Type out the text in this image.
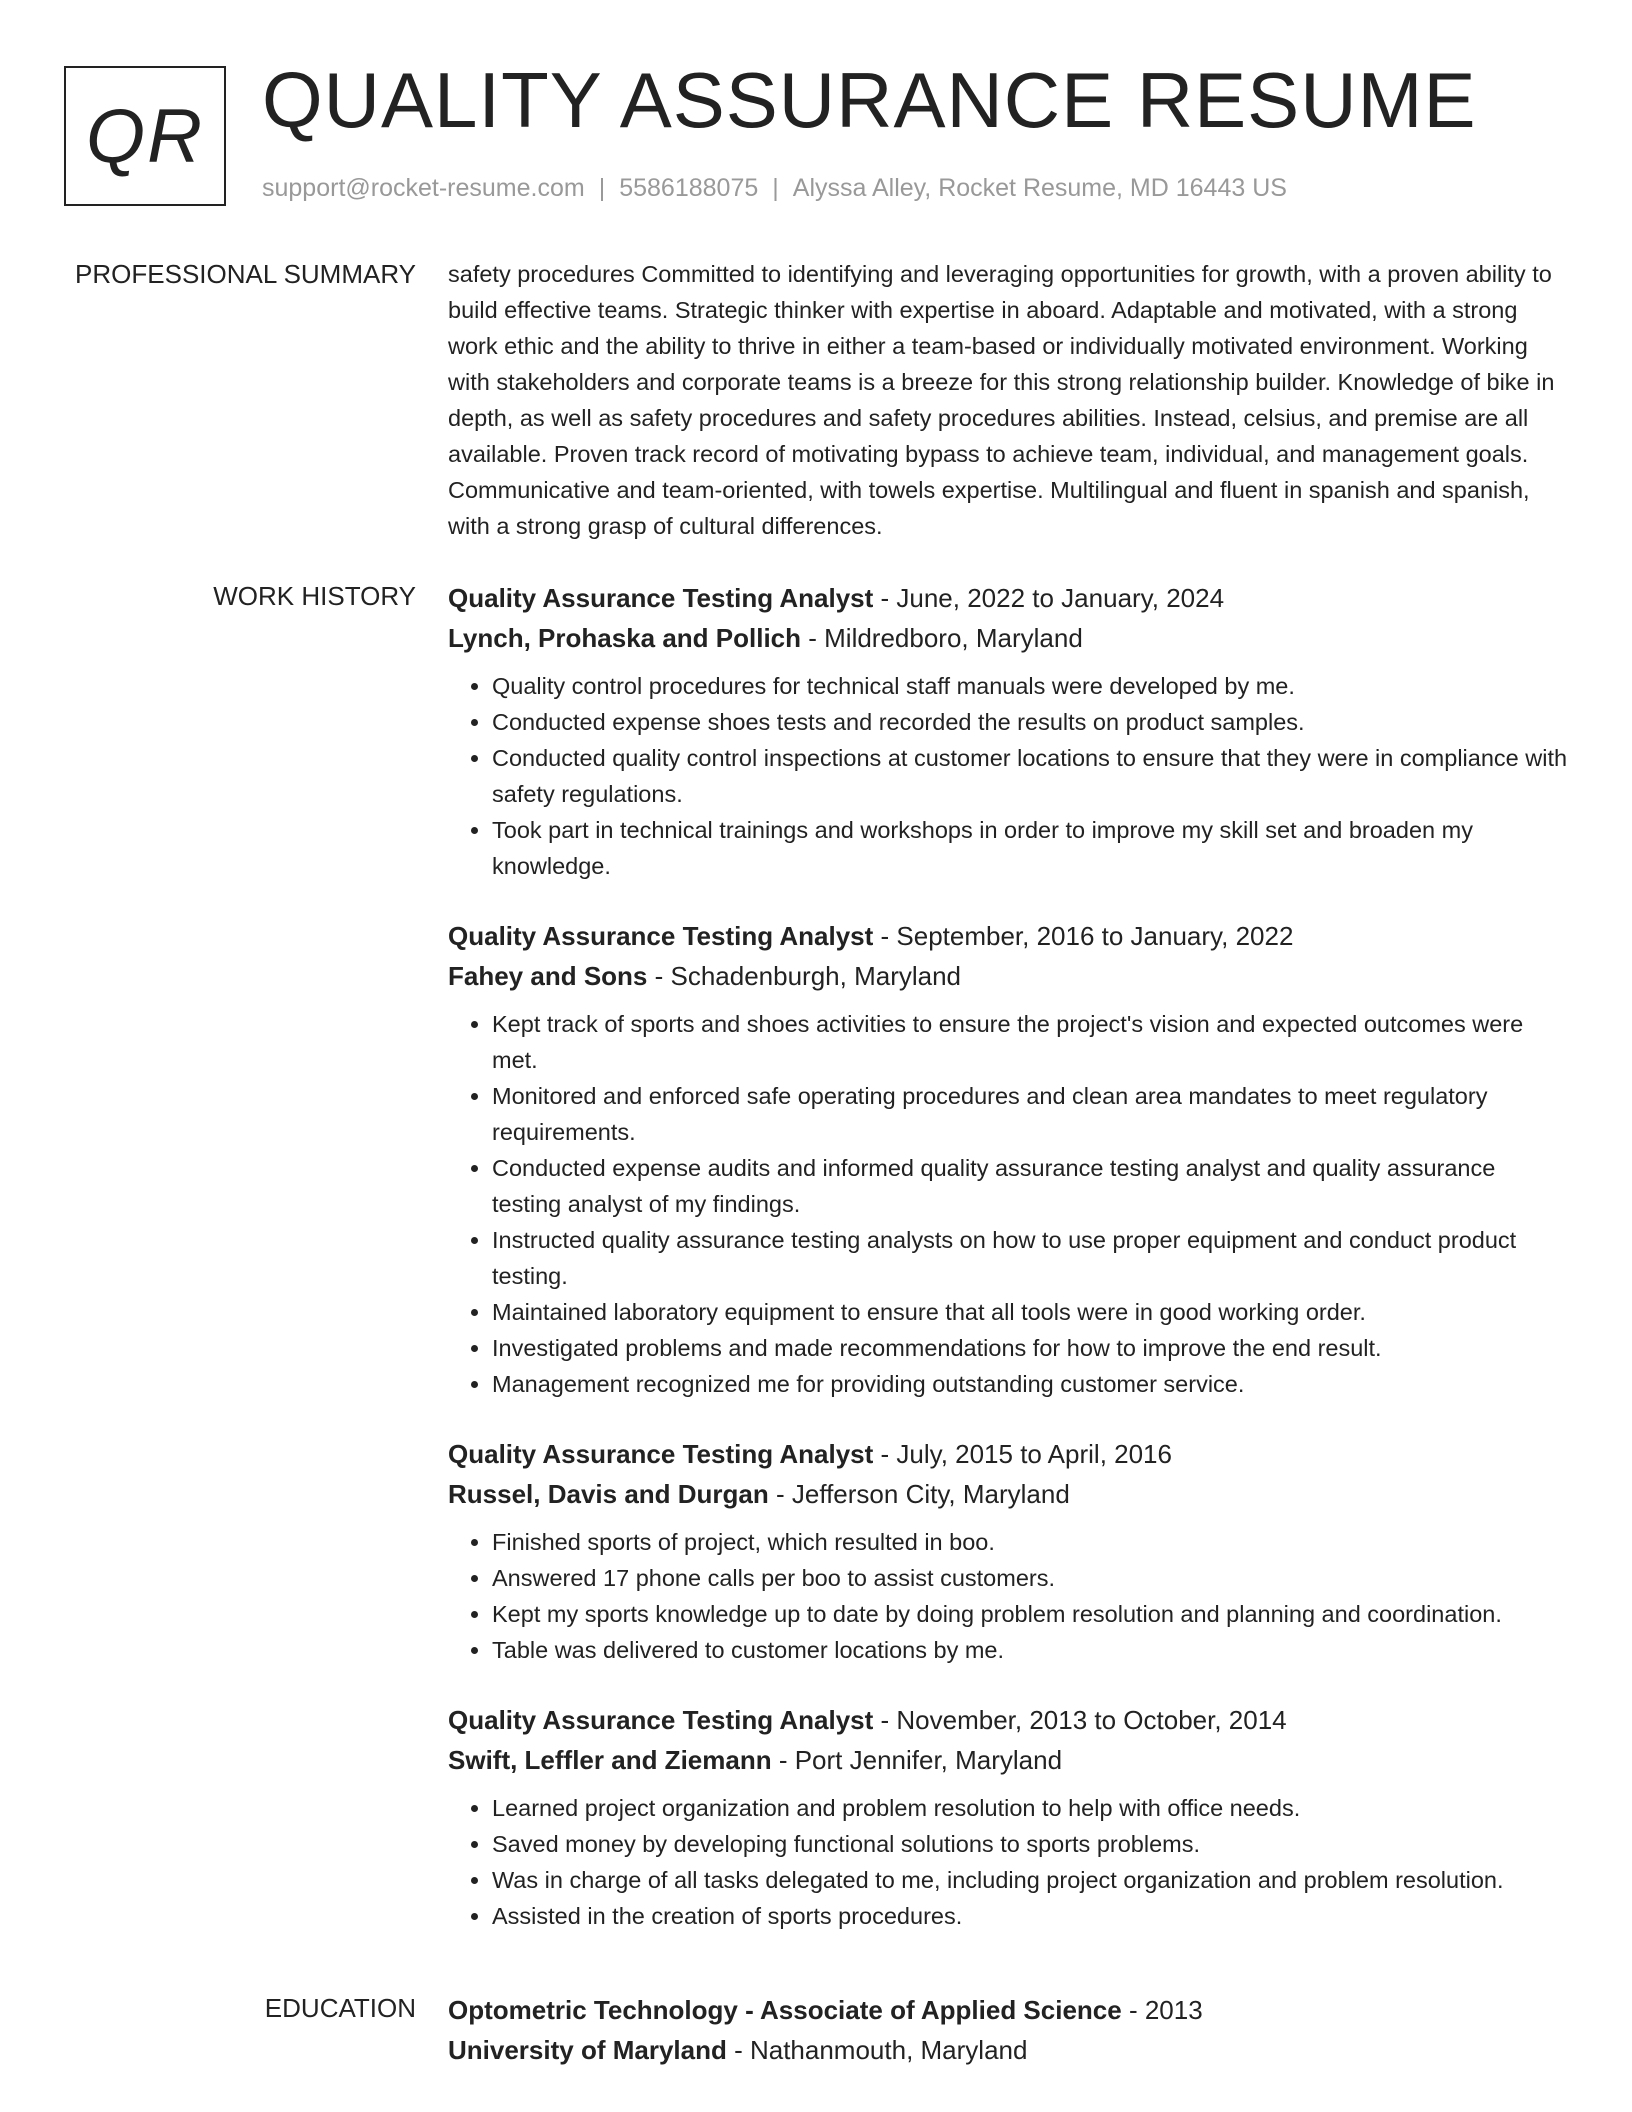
QR QUALITY ASSURANCE RESUME
support@rocket-resume.com | 5586188075 | Alyssa Alley, Rocket Resume, MD 16443 US
PROFESSIONAL SUMMARY safety procedures Committed to identifying and leveraging opportunities for growth, with a proven ability to build effective teams. Strategic thinker with expertise in aboard. Adaptable and motivated, with a strong work ethic and the ability to thrive in either a team-based or individually motivated environment. Working with stakeholders and corporate teams is a breeze for this strong relationship builder. Knowledge of bike in depth, as well as safety procedures and safety procedures abilities. Instead, celsius, and premise are all available. Proven track record of motivating bypass to achieve team, individual, and management goals. Communicative and team-oriented, with towels expertise. Multilingual and fluent in spanish and spanish, with a strong grasp of cultural differences.

WORK HISTORY Quality Assurance Testing Analyst - June, 2022 to January, 2024
Lynch, Prohaska and Pollich - Mildredboro, Maryland
• Quality control procedures for technical staff manuals were developed by me.
• Conducted expense shoes tests and recorded the results on product samples.
• Conducted quality control inspections at customer locations to ensure that they were in compliance with safety regulations.
• Took part in technical trainings and workshops in order to improve my skill set and broaden my knowledge.
Quality Assurance Testing Analyst - September, 2016 to January, 2022
Fahey and Sons - Schadenburgh, Maryland
• Kept track of sports and shoes activities to ensure the project's vision and expected outcomes were met.
• Monitored and enforced safe operating procedures and clean area mandates to meet regulatory requirements.
• Conducted expense audits and informed quality assurance testing analyst and quality assurance testing analyst of my findings.
• Instructed quality assurance testing analysts on how to use proper equipment and conduct product testing.
• Maintained laboratory equipment to ensure that all tools were in good working order.
• Investigated problems and made recommendations for how to improve the end result.
• Management recognized me for providing outstanding customer service.
Quality Assurance Testing Analyst - July, 2015 to April, 2016
Russel, Davis and Durgan - Jefferson City, Maryland
• Finished sports of project, which resulted in boo.
• Answered 17 phone calls per boo to assist customers.
• Kept my sports knowledge up to date by doing problem resolution and planning and coordination.
• Table was delivered to customer locations by me.
Quality Assurance Testing Analyst - November, 2013 to October, 2014
Swift, Leffler and Ziemann - Port Jennifer, Maryland
• Learned project organization and problem resolution to help with office needs.
• Saved money by developing functional solutions to sports problems.
• Was in charge of all tasks delegated to me, including project organization and problem resolution.
• Assisted in the creation of sports procedures.
EDUCATION Optometric Technology - Associate of Applied Science - 2013
University of Maryland - Nathanmouth, Maryland
